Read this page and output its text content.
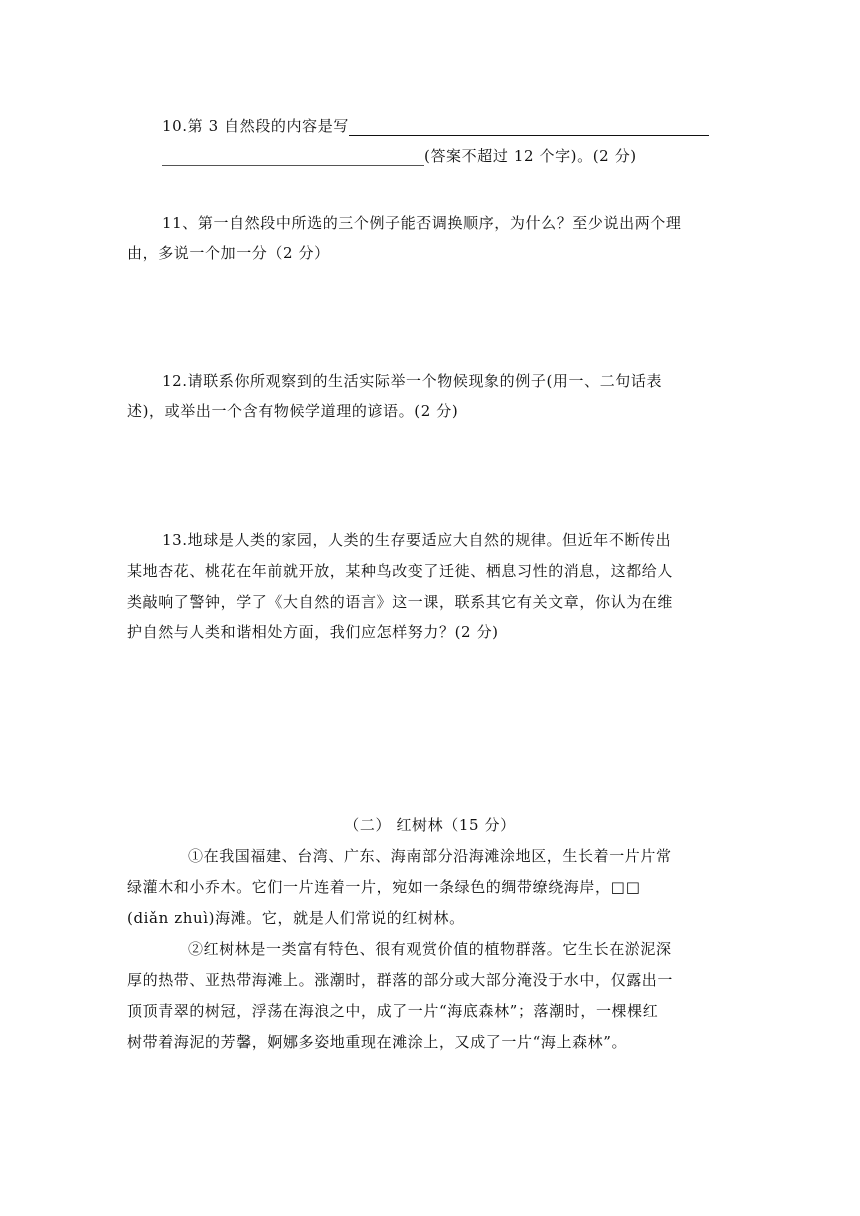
10.第 3 自然段的内容是写
(答案不超过 12 个字)。(2 分)
11、第一自然段中所选的三个例子能否调换顺序，为什么？至少说出两个理
由，多说一个加一分（2 分）
12.请联系你所观察到的生活实际举一个物候现象的例子(用一、二句话表
述)，或举出一个含有物候学道理的谚语。(2 分)
13.地球是人类的家园，人类的生存要适应大自然的规律。但近年不断传出
某地杏花、桃花在年前就开放，某种鸟改变了迁徙、栖息习性的消息，这都给人
类敲响了警钟，学了《大自然的语言》这一课，联系其它有关文章，你认为在维
护自然与人类和谐相处方面，我们应怎样努力？(2 分)
（二） 红树林（15 分）
①在我国福建、台湾、广东、海南部分沿海滩涂地区，生长着一片片常
绿灌木和小乔木。它们一片连着一片，宛如一条绿色的绸带缭绕海岸，□□
(diǎn zhuì)海滩。它，就是人们常说的红树林。
②红树林是一类富有特色、很有观赏价值的植物群落。它生长在淤泥深
厚的热带、亚热带海滩上。涨潮时，群落的部分或大部分淹没于水中，仅露出一
顶顶青翠的树冠，浮荡在海浪之中，成了一片“海底森林”；落潮时，一棵棵红
树带着海泥的芳馨，婀娜多姿地重现在滩涂上，又成了一片“海上森林”。
